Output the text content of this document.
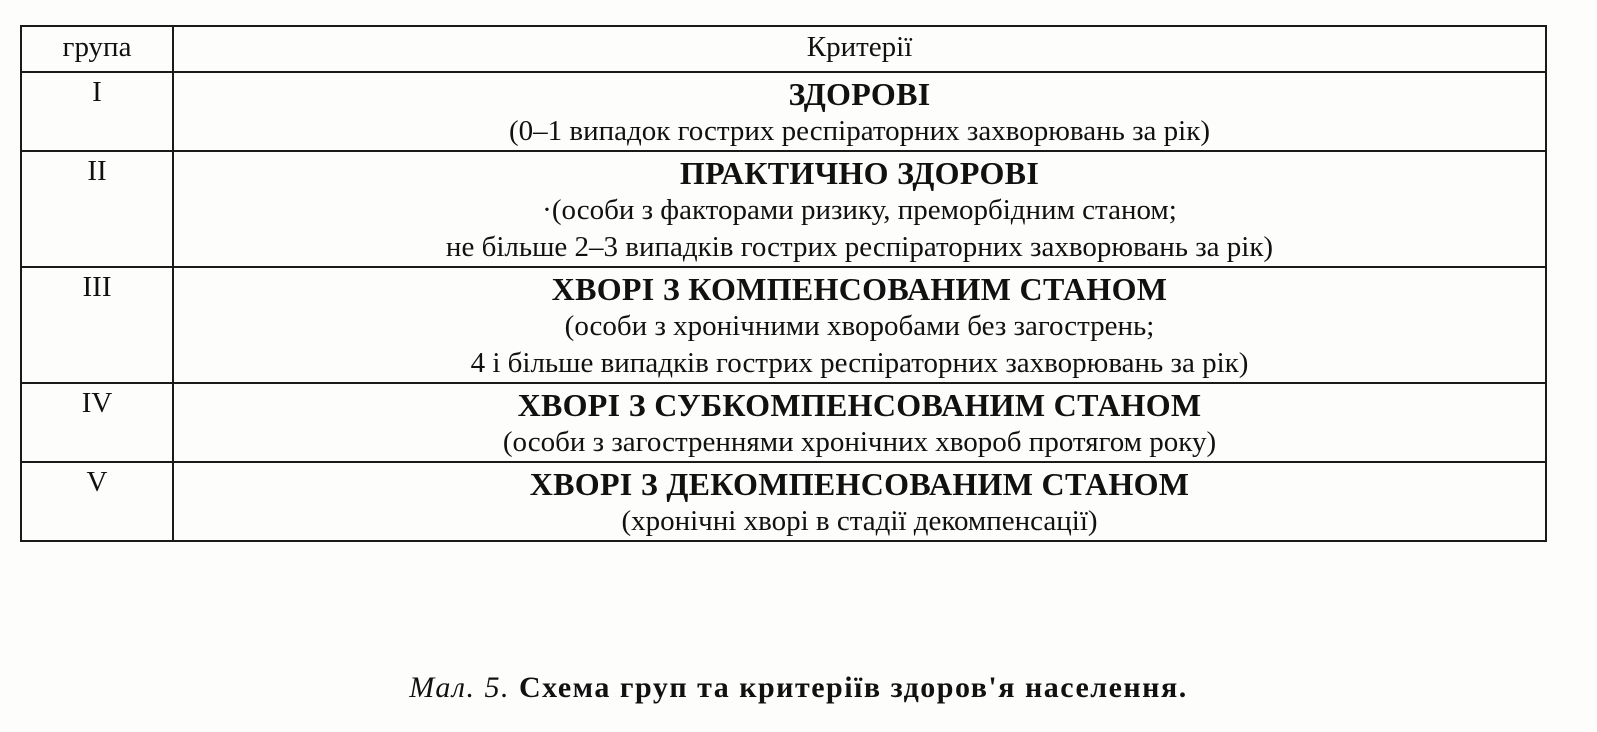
група	Критерії
I	ЗДОРОВІ
(0–1 випадок гострих респіраторних захворювань за рік)

II	ПРАКТИЧНО ЗДОРОВІ
·(особи з факторами ризику, преморбідним станом;
не більше 2–3 випадків гострих респіраторних захворювань за рік)

III	ХВОРІ З КОМПЕНСОВАНИМ СТАНОМ
(особи з хронічними хворобами без загострень;
4 і більше випадків гострих респіраторних захворювань за рік)

IV	ХВОРІ З СУБКОМПЕНСОВАНИМ СТАНОМ
(особи з загостреннями хронічних хвороб протягом року)

V	ХВОРІ З ДЕКОМПЕНСОВАНИМ СТАНОМ
(хронічні хворі в стадії декомпенсації)
Мал. 5. Схема груп та критеріїв здоров'я населення.
